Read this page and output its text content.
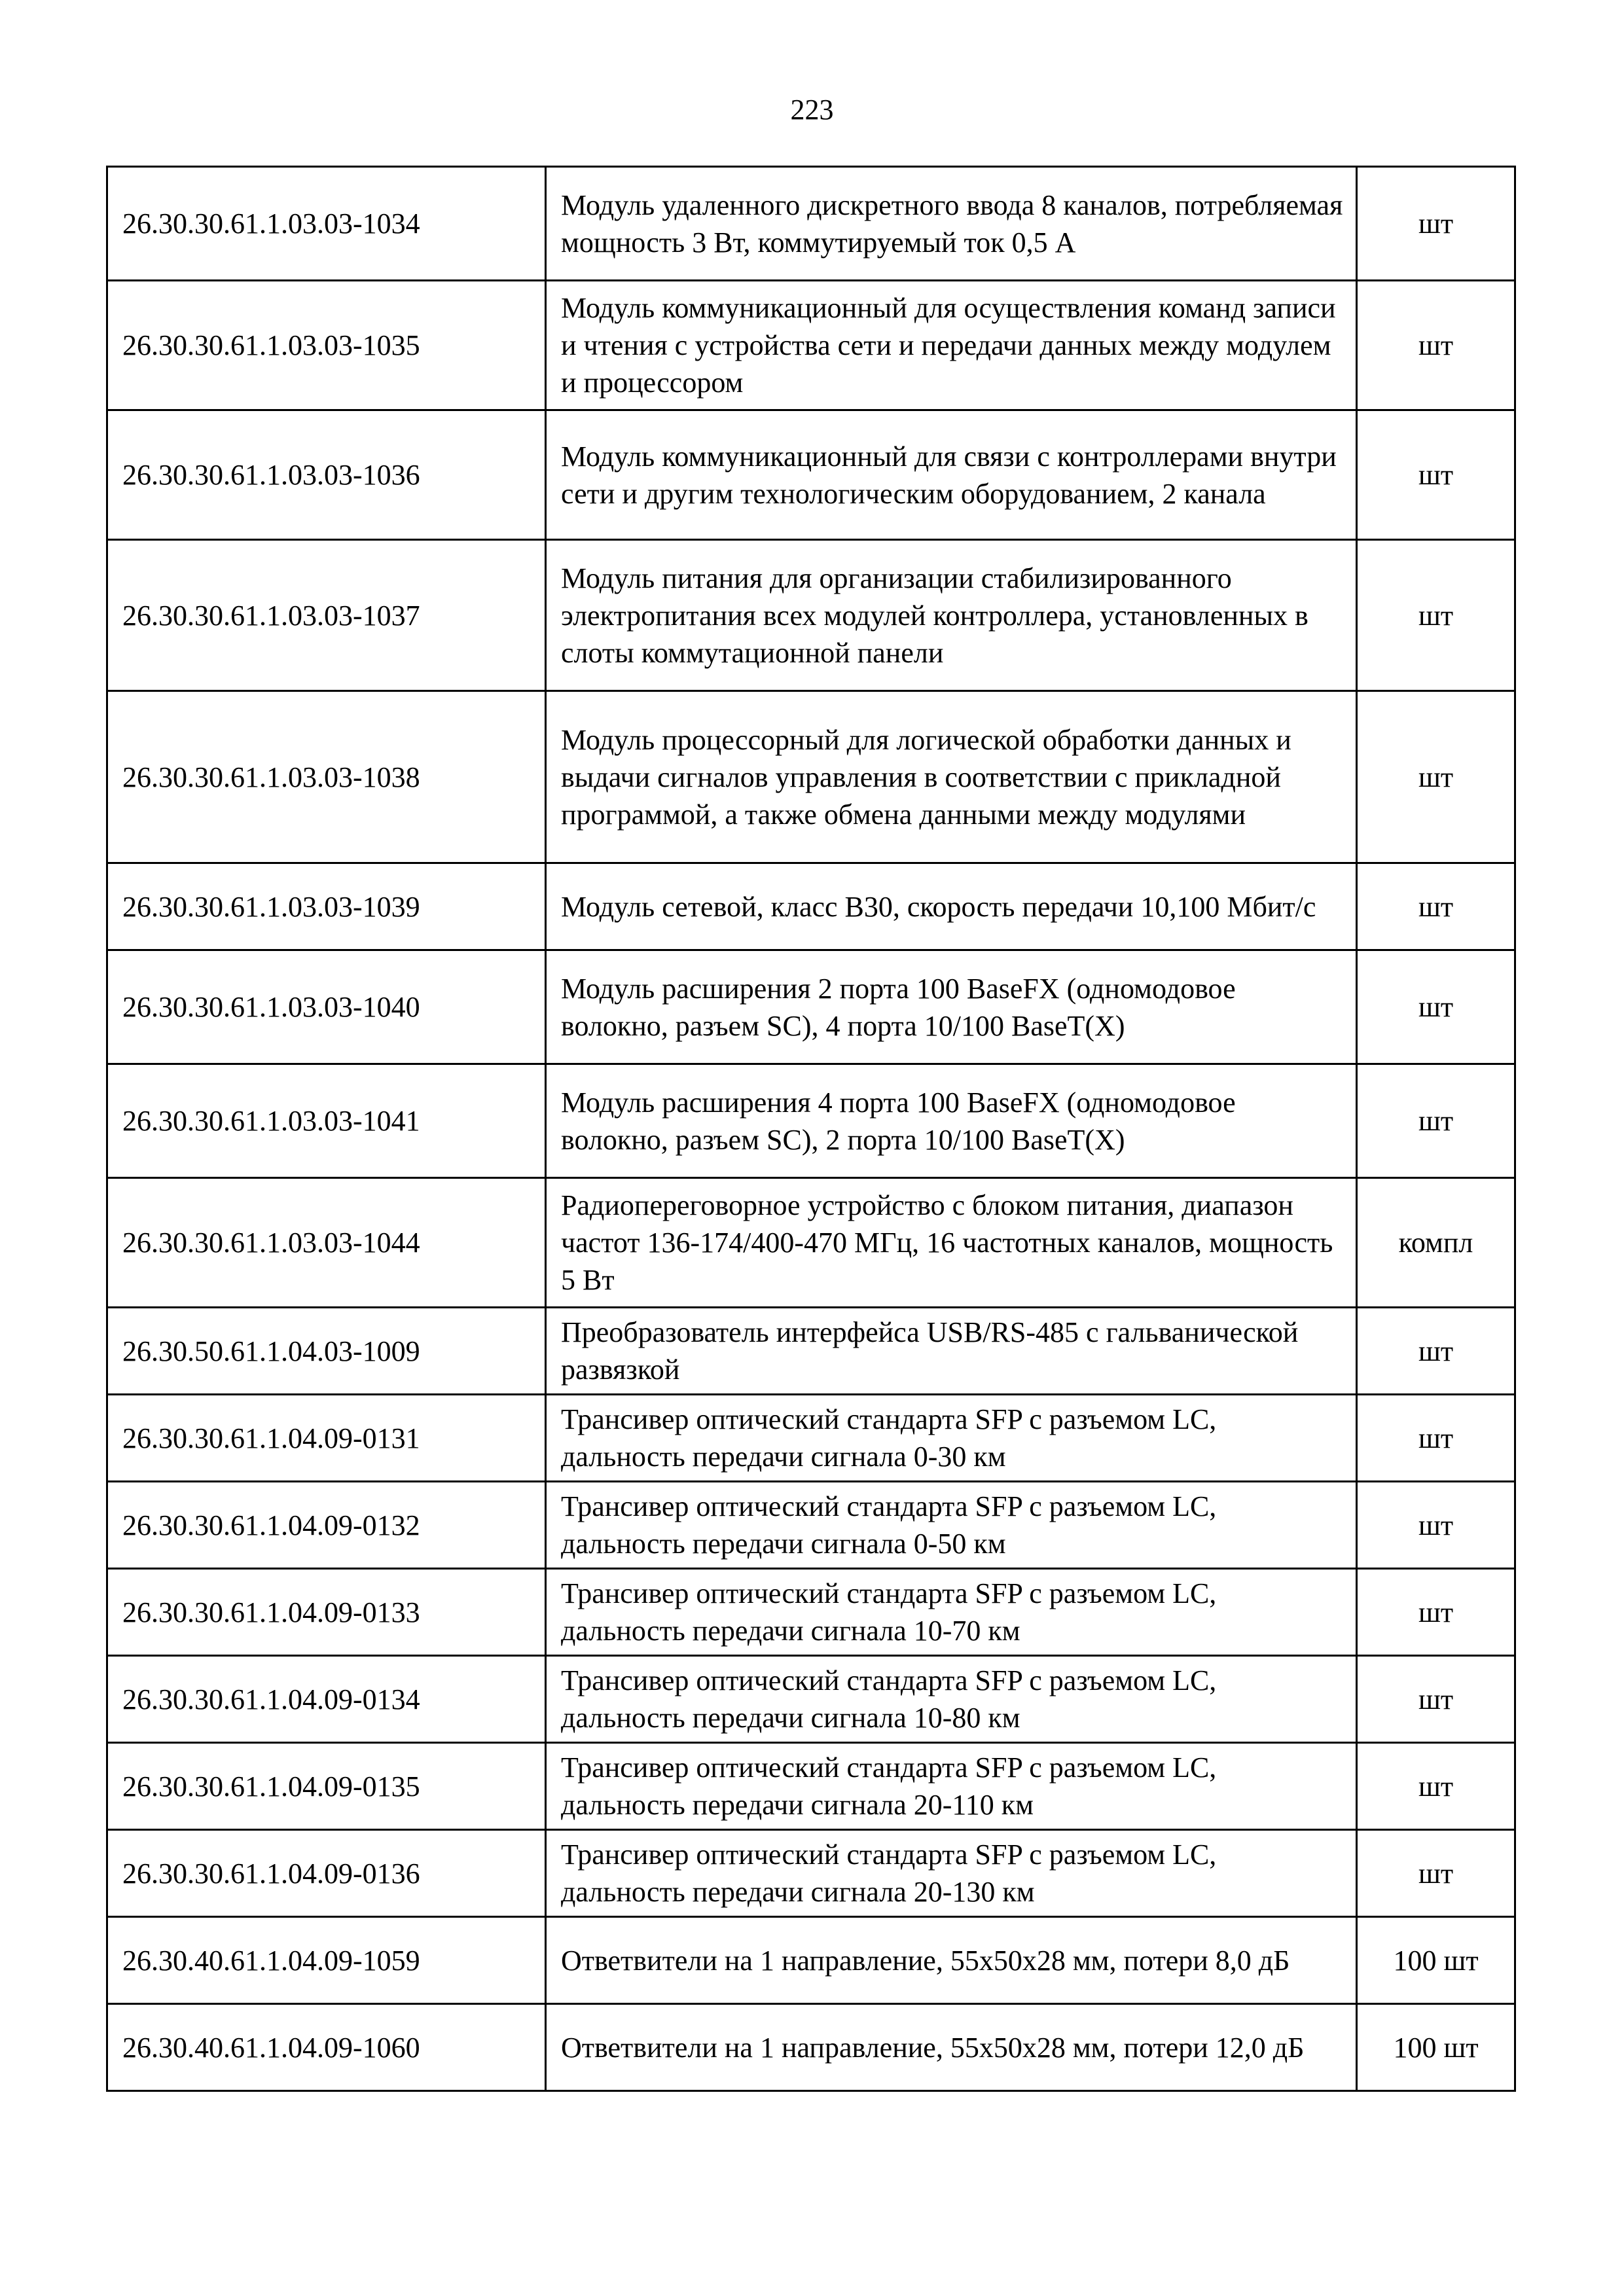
223
26.30.30.61.1.03.03-1034	Модуль удаленного дискретного ввода 8 каналов, потребляемая мощность 3 Вт, коммутируемый ток 0,5 А	шт
26.30.30.61.1.03.03-1035	Модуль коммуникационный для осуществления команд записи и чтения с устройства сети и передачи данных между модулем и процессором	шт
26.30.30.61.1.03.03-1036	Модуль коммуникационный для связи с контроллерами внутри сети и другим технологическим оборудованием, 2 канала	шт
26.30.30.61.1.03.03-1037	Модуль питания для организации стабилизированного электропитания всех модулей контроллера, установленных в слоты коммутационной панели	шт
26.30.30.61.1.03.03-1038	Модуль процессорный для логической обработки данных и выдачи сигналов управления в соответствии с прикладной программой, а также обмена данными между модулями	шт
26.30.30.61.1.03.03-1039	Модуль сетевой, класс В30, скорость передачи 10,100 Мбит/с	шт
26.30.30.61.1.03.03-1040	Модуль расширения 2 порта 100 BaseFX (одномодовое волокно, разъем SC), 4 порта 10/100 BaseT(X)	шт
26.30.30.61.1.03.03-1041	Модуль расширения 4 порта 100 BaseFX (одномодовое волокно, разъем SC), 2 порта 10/100 BaseT(X)	шт
26.30.30.61.1.03.03-1044	Радиопереговорное устройство с блоком питания, диапазон частот 136-174/400-470 МГц, 16 частотных каналов, мощность 5 Вт	компл
26.30.50.61.1.04.03-1009	Преобразователь интерфейса USB/RS-485 с гальванической развязкой	шт
26.30.30.61.1.04.09-0131	Трансивер оптический стандарта SFP с разъемом LC, дальность передачи сигнала 0-30 км	шт
26.30.30.61.1.04.09-0132	Трансивер оптический стандарта SFP с разъемом LC, дальность передачи сигнала 0-50 км	шт
26.30.30.61.1.04.09-0133	Трансивер оптический стандарта SFP с разъемом LC, дальность передачи сигнала 10-70 км	шт
26.30.30.61.1.04.09-0134	Трансивер оптический стандарта SFP с разъемом LC, дальность передачи сигнала 10-80 км	шт
26.30.30.61.1.04.09-0135	Трансивер оптический стандарта SFP с разъемом LC, дальность передачи сигнала 20-110 км	шт
26.30.30.61.1.04.09-0136	Трансивер оптический стандарта SFP с разъемом LC, дальность передачи сигнала 20-130 км	шт
26.30.40.61.1.04.09-1059	Ответвители на 1 направление, 55x50x28 мм, потери 8,0 дБ	100 шт
26.30.40.61.1.04.09-1060	Ответвители на 1 направление, 55x50x28 мм, потери 12,0 дБ	100 шт
